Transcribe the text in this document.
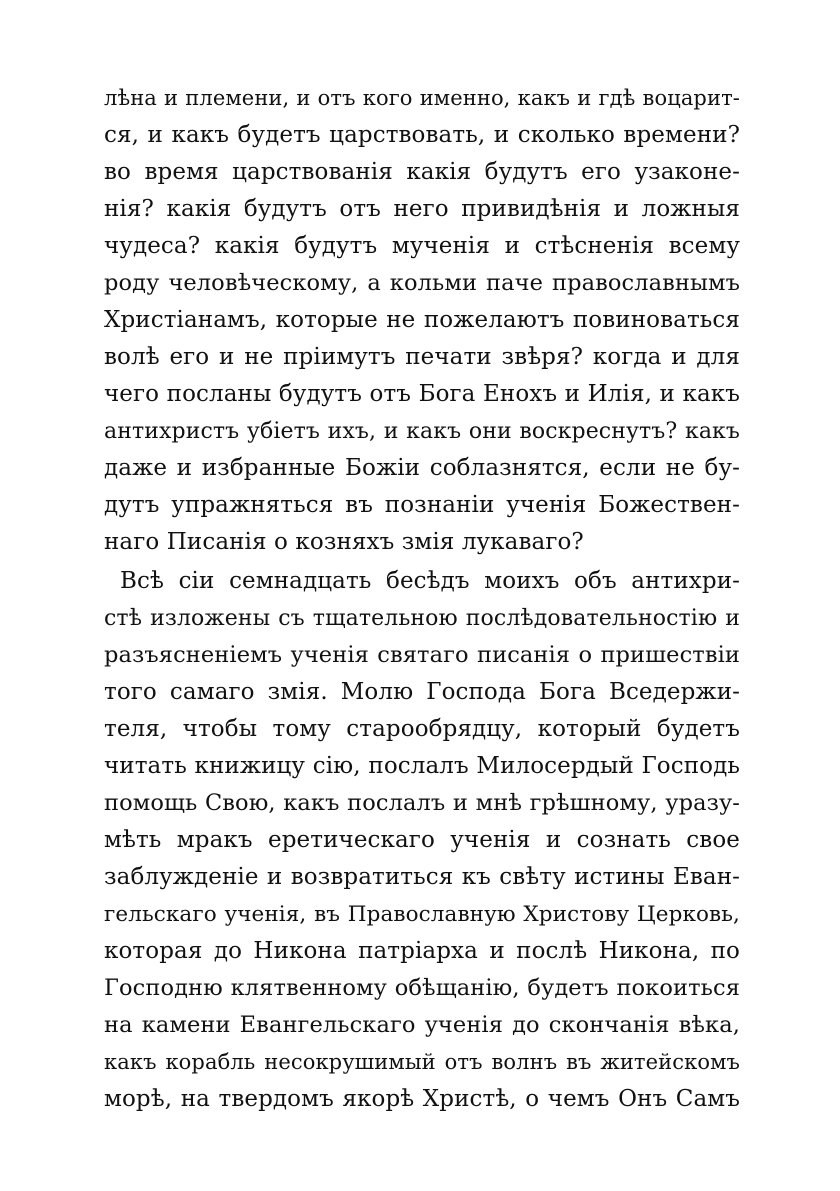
лѣна и племени, и отъ кого именно, какъ и гдѣ воцарит-
ся, и какъ будетъ царствовать, и сколько времени?
во время царствованія какія будутъ его узаконе-
нія? какія будутъ отъ него привидѣнія и ложныя
чудеса? какія будутъ мученія и стѣсненія всему
роду человѣческому, а кольми паче православнымъ
Христіанамъ, которые не пожелаютъ повиноваться
волѣ его и не пріимутъ печати звѣря? когда и для
чего посланы будутъ отъ Бога Енохъ и Илія, и какъ
антихристъ убіетъ ихъ, и какъ они воскреснутъ? какъ
даже и избранные Божіи соблазнятся, если не бу-
дутъ упражняться въ познаніи ученія Божествен-
наго Писанія о козняхъ змія лукаваго?
Всѣ сіи семнадцать бесѣдъ моихъ объ антихри-
стѣ изложены съ тщательною послѣдовательностію и
разъясненіемъ ученія святаго писанія о пришествіи
того самаго змія. Молю Господа Бога Вседержи-
теля, чтобы тому старообрядцу, который будетъ
читать книжицу сію, послалъ Милосердый Господь
помощь Свою, какъ послалъ и мнѣ грѣшному, уразу-
мѣть мракъ еретическаго ученія и сознать свое
заблужденіе и возвратиться къ свѣту истины Еван-
гельскаго ученія, въ Православную Христову Церковь,
которая до Никона патріарха и послѣ Никона, по
Господню клятвенному обѣщанію, будетъ покоиться
на камени Евангельскаго ученія до скончанія вѣка,
какъ корабль несокрушимый отъ волнъ въ житейскомъ
морѣ, на твердомъ якорѣ Христѣ, о чемъ Онъ Самъ
